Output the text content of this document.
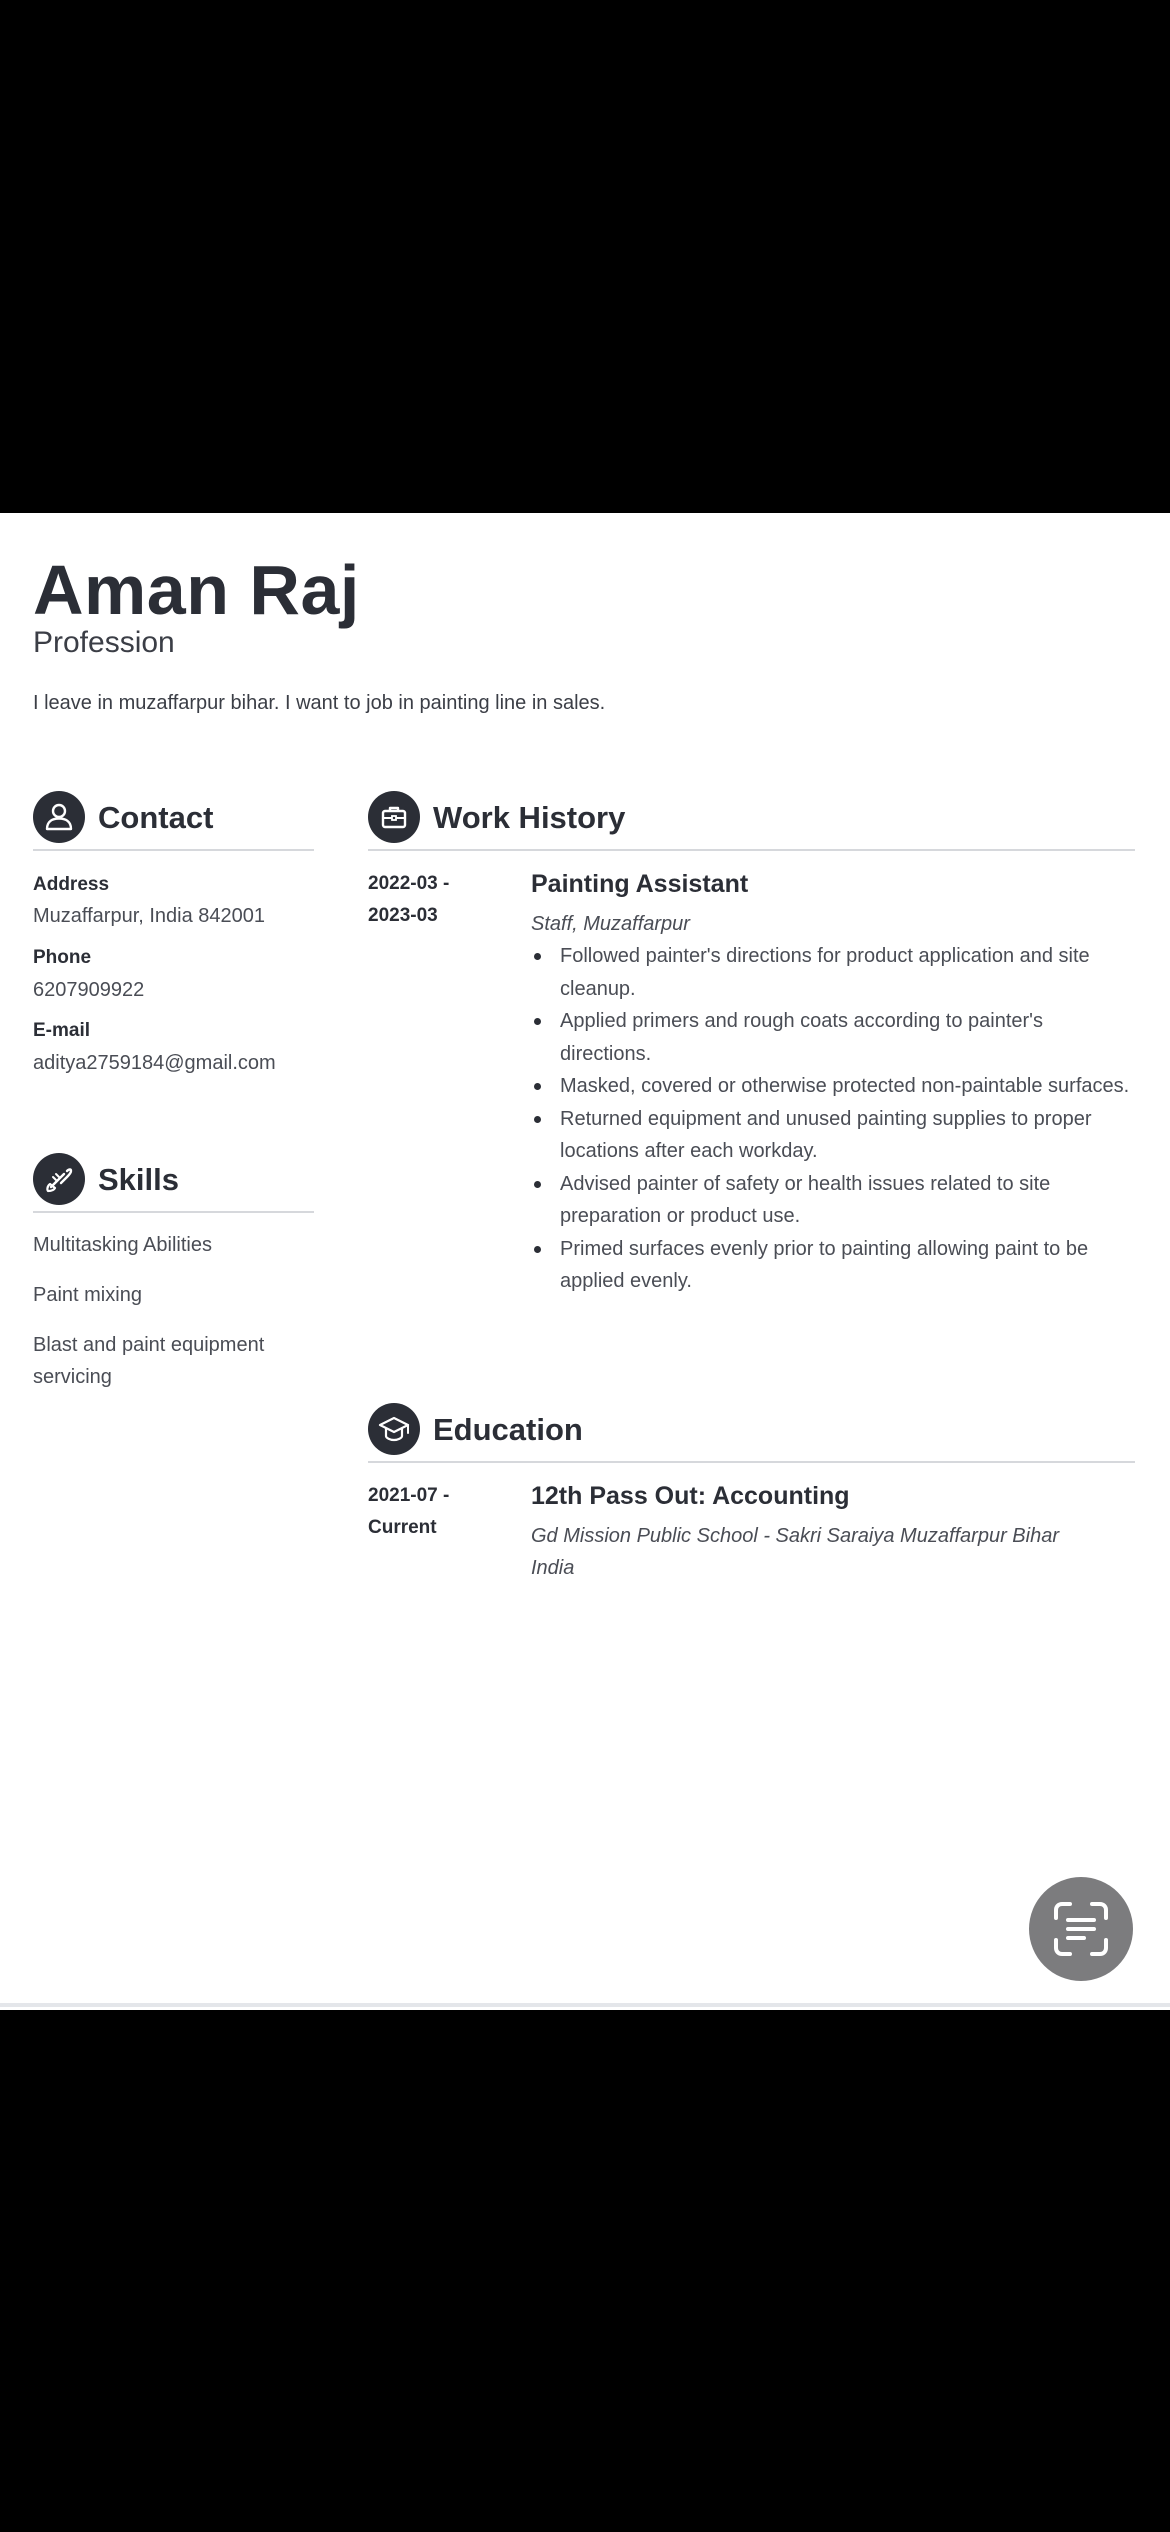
Aman Raj
Profession
I leave in muzaffarpur bihar. I want to job in painting line in sales.
Contact
Address
Muzaffarpur, India 842001
Phone
6207909922
E-mail
aditya2759184@gmail.com
Skills
Multitasking Abilities
Paint mixing
Blast and paint equipment
servicing
Work History
2022-03 -
2023-03
Painting Assistant
Staff, Muzaffarpur
Followed painter's directions for product application and site cleanup.
Applied primers and rough coats according to painter's directions.
Masked, covered or otherwise protected non-paintable surfaces.
Returned equipment and unused painting supplies to proper locations after each workday.
Advised painter of safety or health issues related to site preparation or product use.
Primed surfaces evenly prior to painting allowing paint to be applied evenly.
Education
2021-07 -
Current
12th Pass Out: Accounting
Gd Mission Public School - Sakri Saraiya Muzaffarpur Bihar
India
